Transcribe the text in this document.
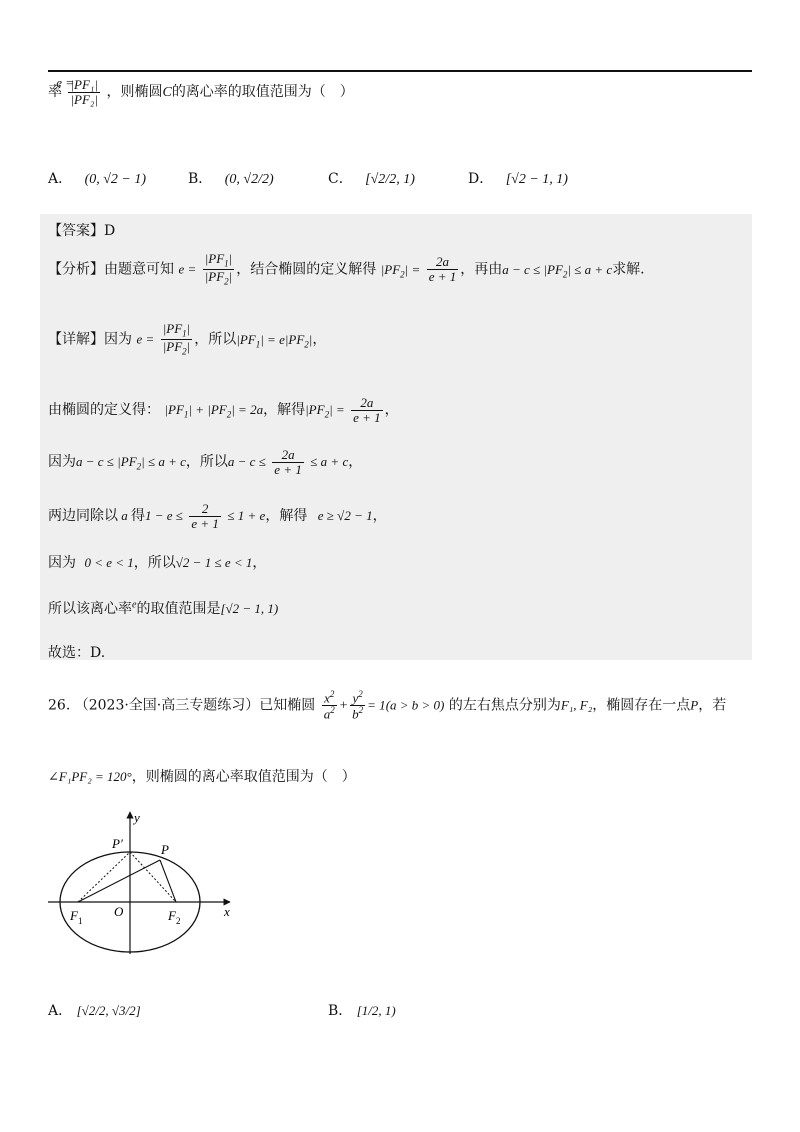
率
e =
|PF₁|
|PF₂| ，则椭圆C的离心率的取值范围为（　）
A． (0, √2 − 1)	B． (0, √2/2)	C． [√2/2, 1)	D． [√2 − 1, 1)
【答案】D
【分析】由题意可知 $e = \frac{|PF_1|}{|PF_2|}$ ，结合椭圆的定义解得 $|PF_2| = \frac{2a}{e + 1}$ ，再由$a - c \le |PF_2| \le a + c$求解.
【详解】因为 $e = \frac{|PF_1|}{|PF_2|}$ ，所以$|PF_1| = e|PF_2|$，
由椭圆的定义得： $|PF_1| + |PF_2| = 2a$，解得$|PF_2| = \frac{2a}{e + 1}$ ，
因为$a - c \le |PF_2| \le a + c$，所以$a - c \le \frac{2a}{e + 1} \le a + c$，
两边同除以 a 得$1 - e \le \frac{2}{e + 1} \le 1 + e$，解得 e ≥ √2 − 1，
因为 0 < e < 1，所以√2 − 1 ≤ e < 1，
所以该离心率$^e$的取值范围是[√2 − 1, 1)
故选：D.
26. （2023·全国·高三专题练习）已知椭圆 $\frac{x^2}{a^2} + \frac{y^2}{b^2} = 1(a > b > 0)$ 的左右焦点分别为F₁, F₂，椭圆存在一点P，若
∠F₁PF₂ = 120°，则椭圆的离心率取值范围为（　）
y
x
O
F 1	F 2
P
P′
A． [√2/2, √3/2]	B． [1/2, 1)
